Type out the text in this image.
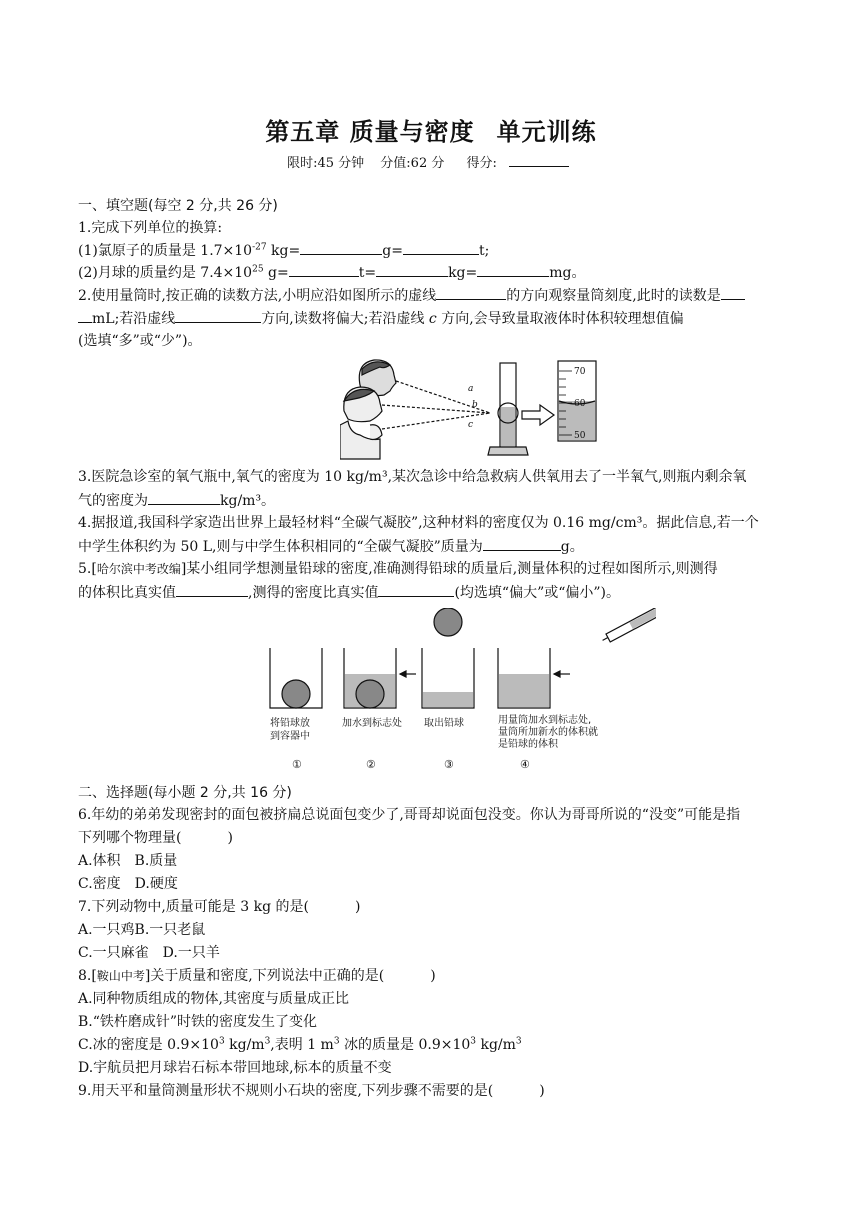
第五章 质量与密度 单元训练
限时:45 分钟 分值:62 分 得分:
一、填空题(每空 2 分,共 26 分)
1.完成下列单位的换算:
(1)氯原子的质量是 $1.7\times 10^{-27}$ kg=	g=	t;
(2)月球的质量约是 $7.4\times 10^{25}$ g=	t=	kg=	mg。
2.使用量筒时,按正确的读数方法,小明应沿如图所示的虚线	的方向观察量筒刻度,此时的读数是
mL;若沿虚线	方向,读数将偏大;若沿虚线 c 方向,会导致量取液体时体积较理想值偏
(选填“多”或“少”)。
a
b
c
70
60
50
3.医院急诊室的氧气瓶中,氧气的密度为 10 kg/m³,某次急诊中给急救病人供氧用去了一半氧气,则瓶内剩余氧
气的密度为	kg/m³。
4.据报道,我国科学家造出世界上最轻材料“全碳气凝胶”,这种材料的密度仅为 0.16 mg/cm³。据此信息,若一个
中学生体积约为 50 L,则与中学生体积相同的“全碳气凝胶”质量为	g。
5.[哈尔滨中考改编]某小组同学想测量铅球的密度,准确测得铅球的质量后,测量体积的过程如图所示,则测得
的体积比真实值	,测得的密度比真实值	(均选填“偏大”或“偏小”)。
将铅球放
到容器中
加水到标志处 取出铅球	用量筒加水到标志处,
量筒所加新水的体积就
是铅球的体积
①	②	③	④
二、选择题(每小题 2 分,共 16 分)
6.年幼的弟弟发现密封的面包被挤扁总说面包变少了,哥哥却说面包没变。你认为哥哥所说的“没变”可能是指
下列哪个物理量(	)
A.体积　B.质量
C.密度　D.硬度
7.下列动物中,质量可能是 3 kg 的是(	)
A.一只鸡B.一只老鼠
C.一只麻雀　D.一只羊
8.[鞍山中考]关于质量和密度,下列说法中正确的是(	)
A.同种物质组成的物体,其密度与质量成正比
B.“铁杵磨成针”时铁的密度发生了变化
C.冰的密度是 $0.9\times 10^3$ $kg/m^3$,表明 1 $m^3$ 冰的质量是 $0.9\times 10^3$ $kg/m^3$
D.宇航员把月球岩石标本带回地球,标本的质量不变
9.用天平和量筒测量形状不规则小石块的密度,下列步骤不需要的是(	)
